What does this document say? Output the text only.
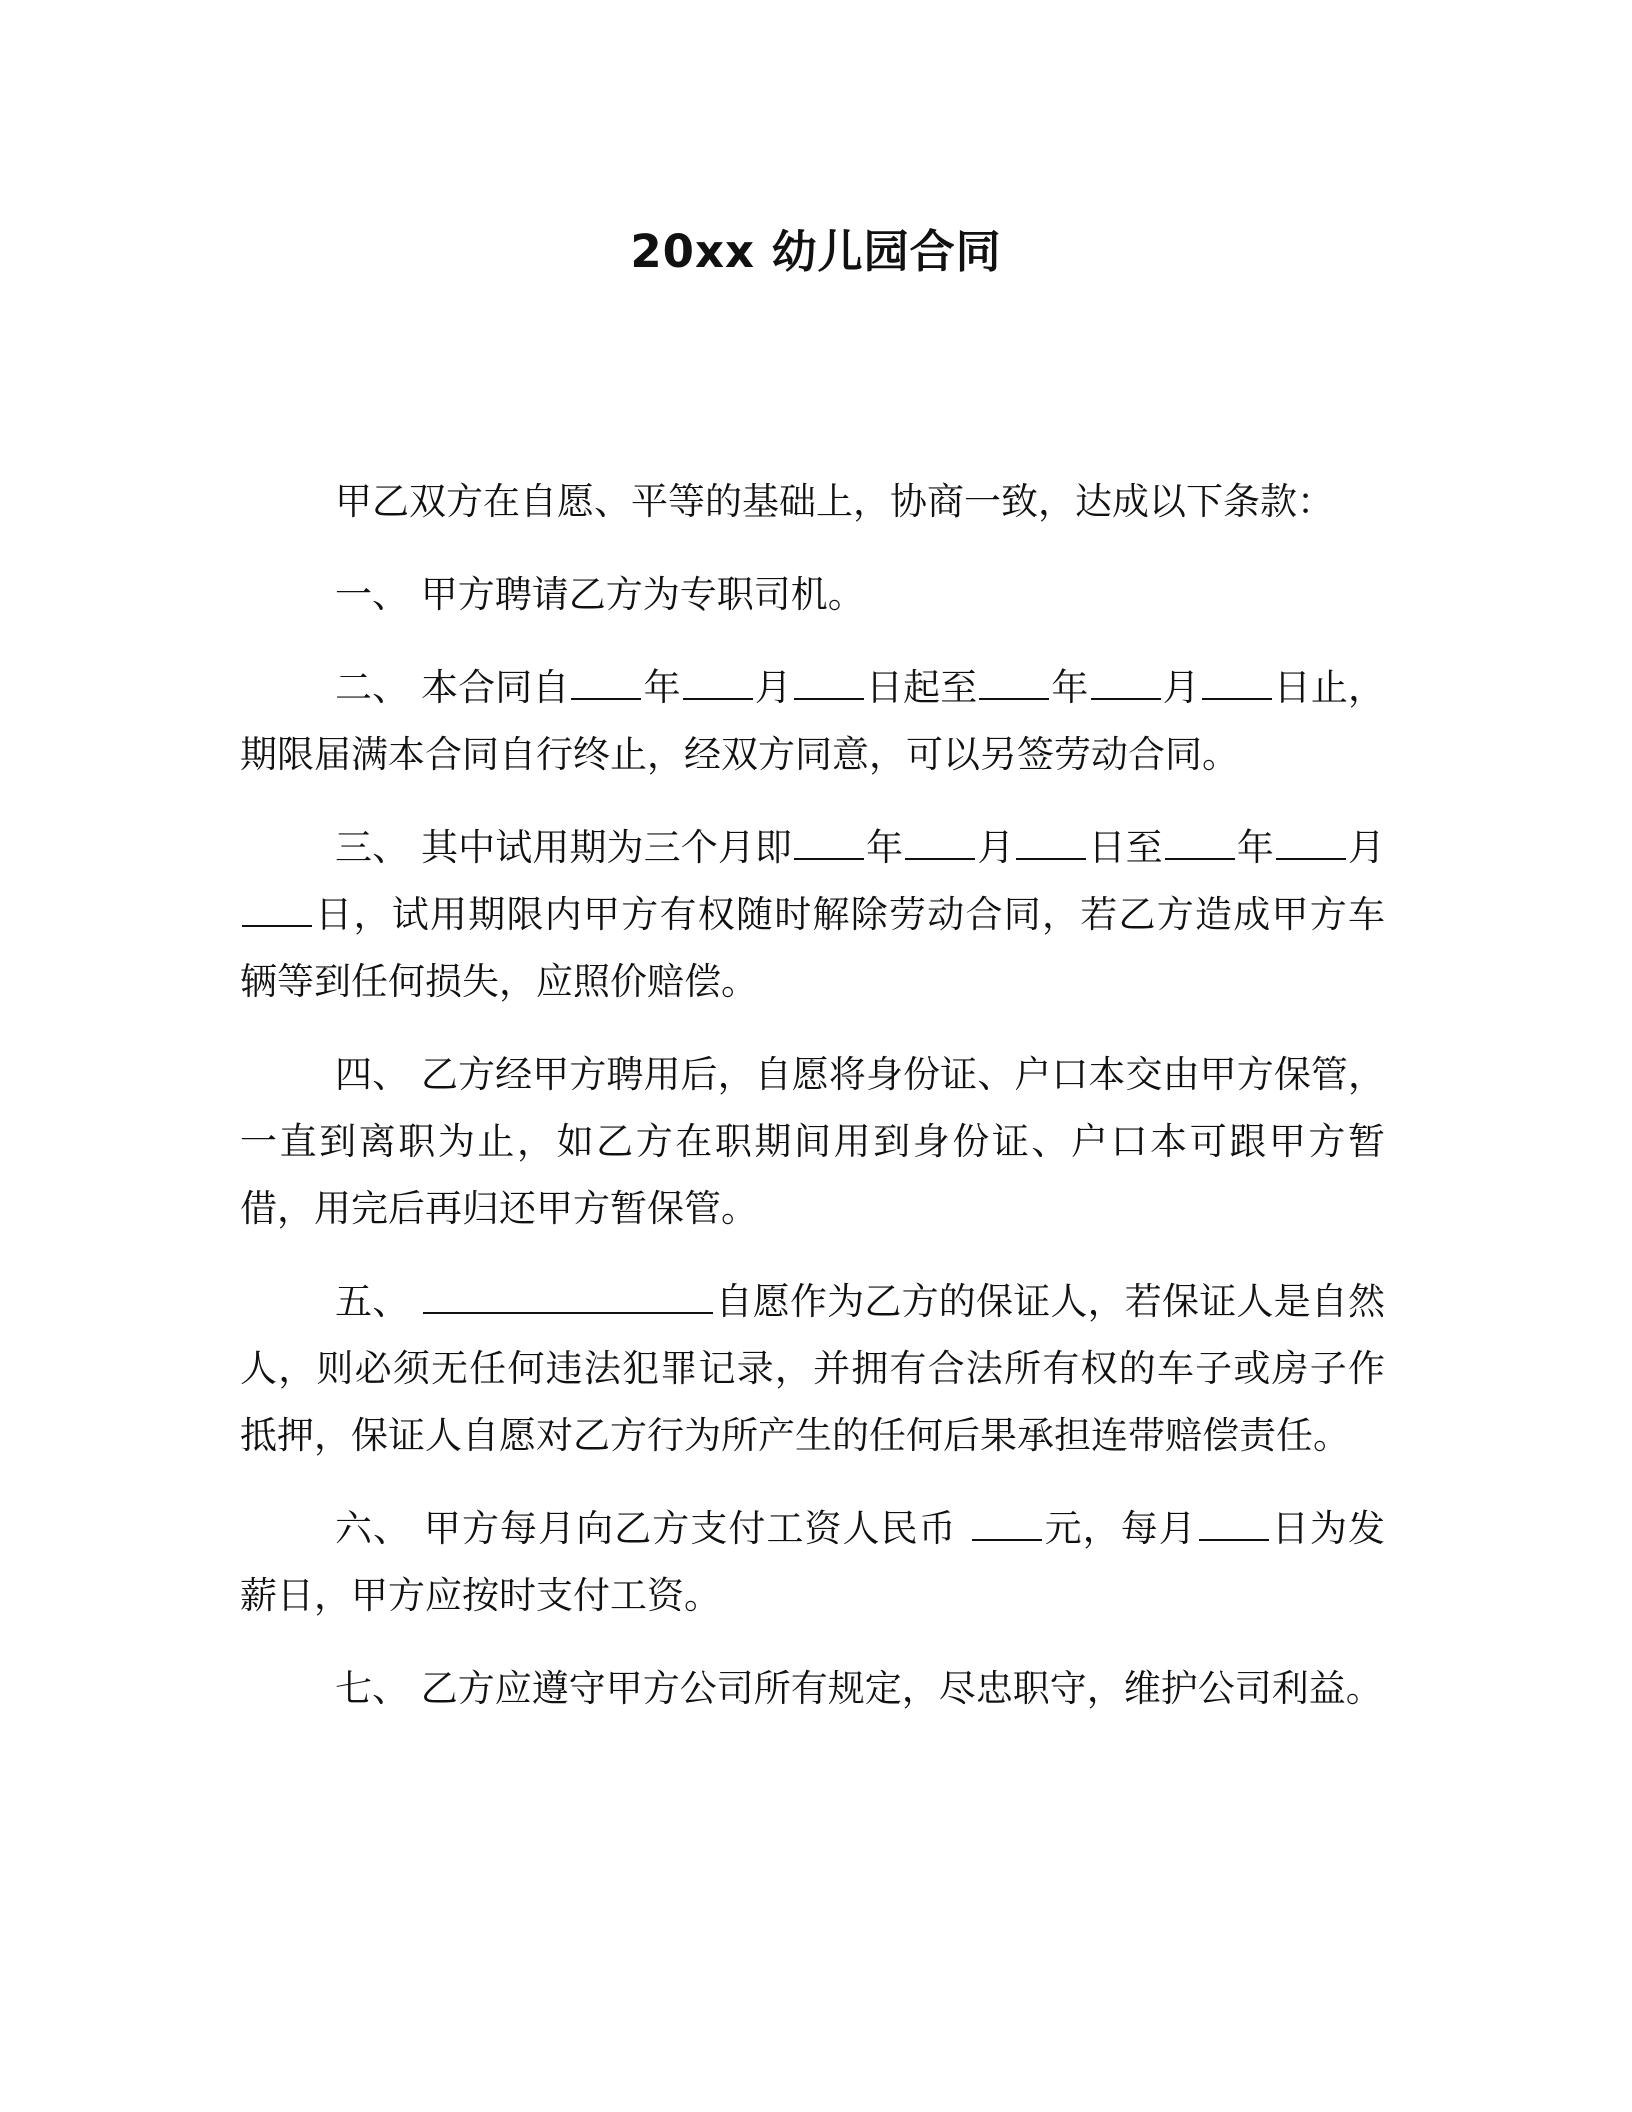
20xx 幼儿园合同

甲乙双方在自愿、平等的基础上，协商一致，达成以下条款：

一、 甲方聘请乙方为专职司机。

二、 本合同自 年 月 日起至 年 月 日止，期限届满本合同自行终止，经双方同意，可以另签劳动合同。

三、 其中试用期为三个月即 年 月 日至 年 月日，试用期限内甲方有权随时解除劳动合同，若乙方造成甲方车辆等到任何损失，应照价赔偿。

四、 乙方经甲方聘用后，自愿将身份证、户口本交由甲方保管，一直到离职为止，如乙方在职期间用到身份证、户口本可跟甲方暂借，用完后再归还甲方暂保管。

五、	自愿作为乙方的保证人，若保证人是自然人，则必须无任何违法犯罪记录，并拥有合法所有权的车子或房子作抵押，保证人自愿对乙方行为所产生的任何后果承担连带赔偿责任。

六、 甲方每月向乙方支付工资人民币 元，每月 日为发薪日，甲方应按时支付工资。

七、 乙方应遵守甲方公司所有规定，尽忠职守，维护公司利益。
